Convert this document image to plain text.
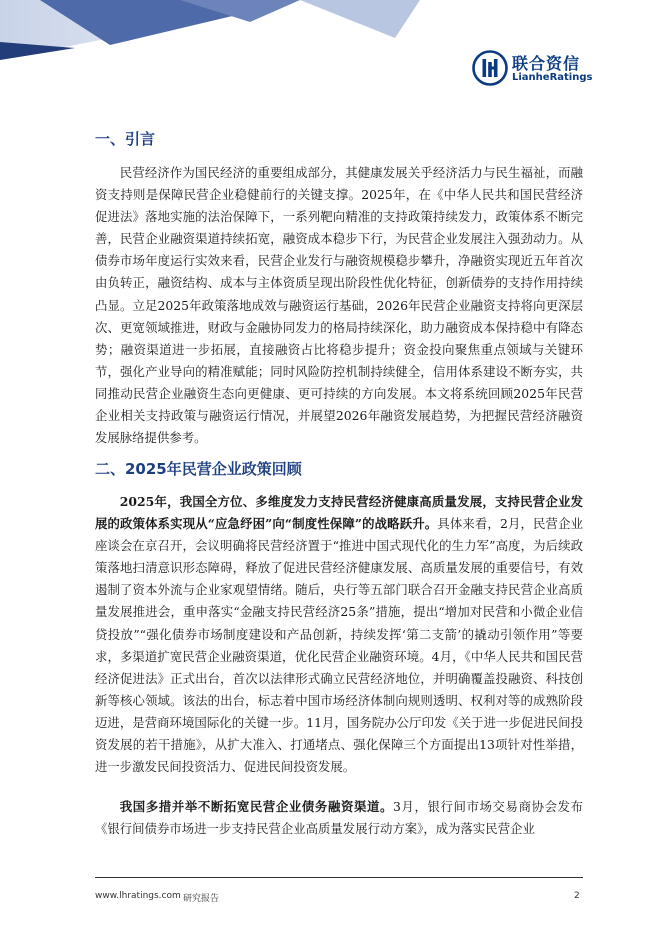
联合资信
LianheRatings
一、引言

民营经济作为国民经济的重要组成部分，其健康发展关乎经济活力与民生福祉，而融资支持则是保障民营企业稳健前行的关键支撑。2025年，在《中华人民共和国民营经济促进法》落地实施的法治保障下，一系列靶向精准的支持政策持续发力，政策体系不断完善，民营企业融资渠道持续拓宽，融资成本稳步下行，为民营企业发展注入强劲动力。从债券市场年度运行实效来看，民营企业发行与融资规模稳步攀升，净融资实现近五年首次由负转正，融资结构、成本与主体资质呈现出阶段性优化特征，创新债券的支持作用持续凸显。立足2025年政策落地成效与融资运行基础，2026年民营企业融资支持将向更深层次、更宽领域推进，财政与金融协同发力的格局持续深化，助力融资成本保持稳中有降态势；融资渠道进一步拓展，直接融资占比将稳步提升；资金投向聚焦重点领域与关键环节，强化产业导向的精准赋能；同时风险防控机制持续健全，信用体系建设不断夯实，共同推动民营企业融资生态向更健康、更可持续的方向发展。本文将系统回顾2025年民营企业相关支持政策与融资运行情况，并展望2026年融资发展趋势，为把握民营经济融资发展脉络提供参考。

二、2025年民营企业政策回顾

2025年，我国全方位、多维度发力支持民营经济健康高质量发展，支持民营企业发展的政策体系实现从“应急纾困”向“制度性保障”的战略跃升。具体来看，2月，民营企业座谈会在京召开，会议明确将民营经济置于“推进中国式现代化的生力军”高度，为后续政策落地扫清意识形态障碍，释放了促进民营经济健康发展、高质量发展的重要信号，有效遏制了资本外流与企业家观望情绪。随后，央行等五部门联合召开金融支持民营企业高质量发展推进会，重申落实“金融支持民营经济25条”措施，提出“增加对民营和小微企业信贷投放”“强化债券市场制度建设和产品创新，持续发挥‘第二支箭’的撬动引领作用”等要求，多渠道扩宽民营企业融资渠道，优化民营企业融资环境。4月，《中华人民共和国民营经济促进法》正式出台，首次以法律形式确立民营经济地位，并明确覆盖投融资、科技创新等核心领域。该法的出台，标志着中国市场经济体制向规则透明、权利对等的成熟阶段迈进，是营商环境国际化的关键一步。11月，国务院办公厅印发《关于进一步促进民间投资发展的若干措施》，从扩大准入、打通堵点、强化保障三个方面提出13项针对性举措，进一步激发民间投资活力、促进民间投资发展。

我国多措并举不断拓宽民营企业债务融资渠道。3月，银行间市场交易商协会发布《银行间债券市场进一步支持民营企业高质量发展行动方案》，成为落实民营企业

www.lhratings.com 研究报告	2
